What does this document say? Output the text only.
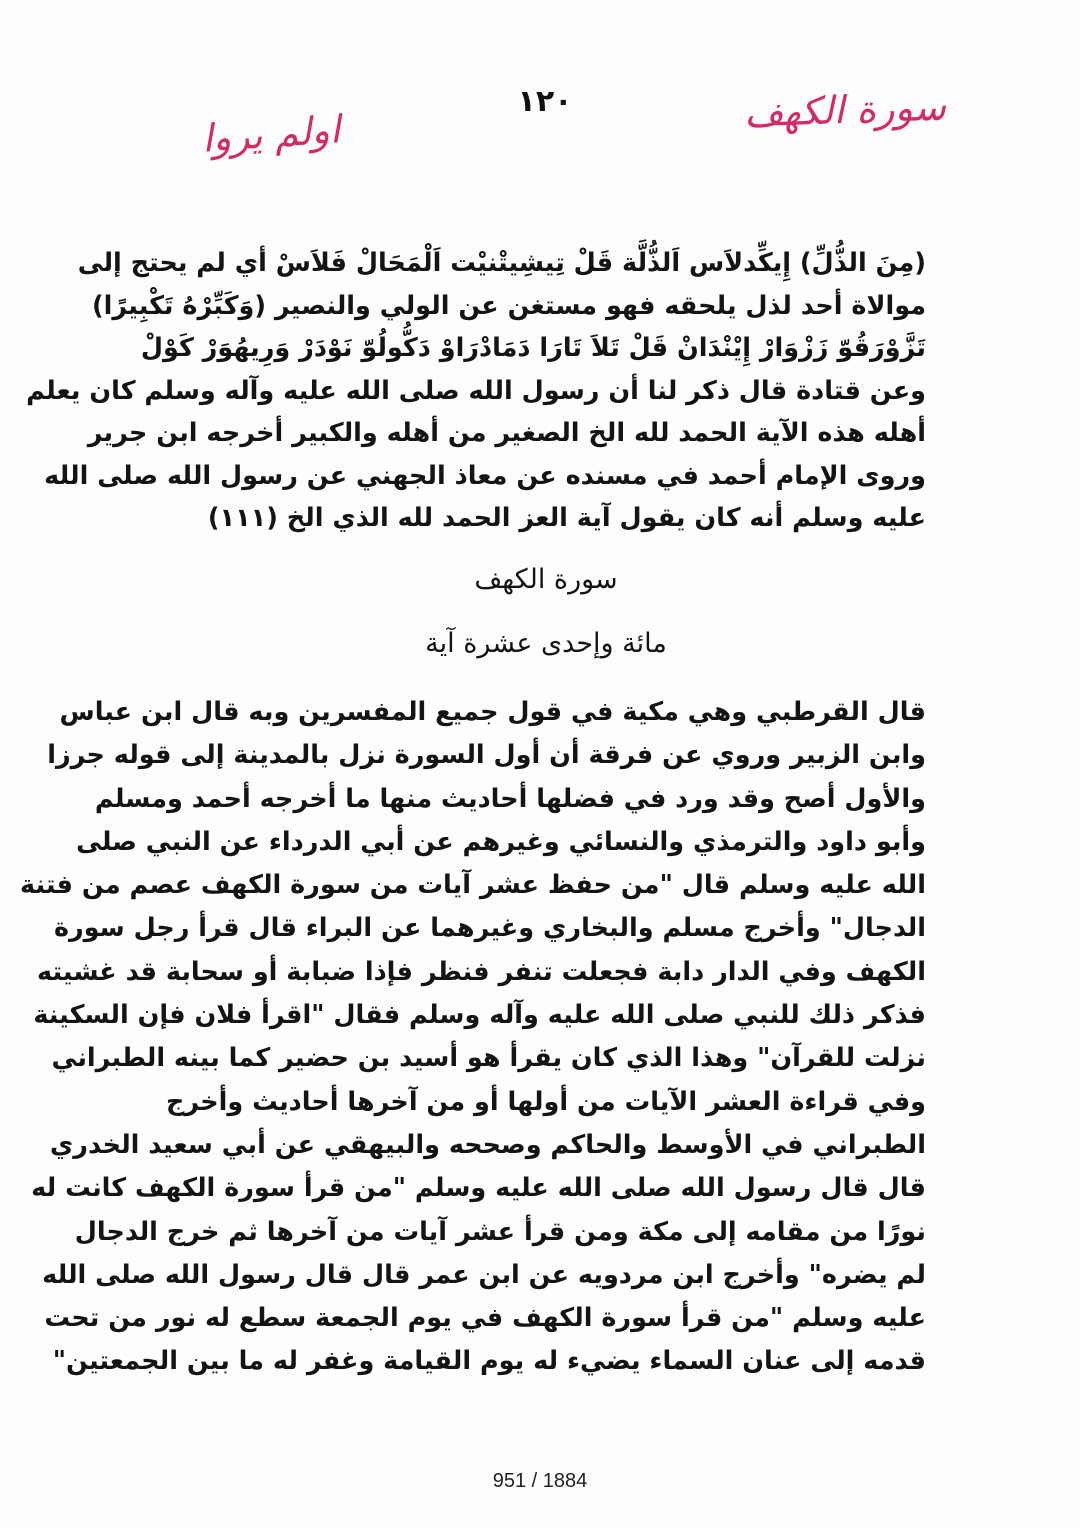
سورة الكهف
١٢٠
اولم يروا
(مِنَ الذُّلِّ) إِيكِّدلاَس اَلذُّلَّة قَلْ تِيشِيتْنيْت اَلْمَحَالْ فَلاَسْ أي لم يحتج إلى
موالاة أحد لذل يلحقه فهو مستغن عن الولي والنصير (وَكَبِّرْهُ تَكْبِيرًا)
تَزَّوْرَقُوّ زَزْوَارْ إِيْنْدَانْ قَلْ تَلاَ تَارَا دَمَادْرَاوْ دَكُّولُوّ نَوْدَرْ وَرِيهُوَرْ كَوْلْ
وعن قتادة قال ذكر لنا أن رسول الله صلى الله عليه وآله وسلم كان يعلم
أهله هذه الآية الحمد لله الخ الصغير من أهله والكبير أخرجه ابن جرير
وروى الإمام أحمد في مسنده عن معاذ الجهني عن رسول الله صلى الله
عليه وسلم أنه كان يقول آية العز الحمد لله الذي الخ (١١١)
سورة الكهف
مائة وإحدى عشرة آية
قال القرطبي وهي مكية في قول جميع المفسرين وبه قال ابن عباس
وابن الزبير وروي عن فرقة أن أول السورة نزل بالمدينة إلى قوله جرزا
والأول أصح وقد ورد في فضلها أحاديث منها ما أخرجه أحمد ومسلم
وأبو داود والترمذي والنسائي وغيرهم عن أبي الدرداء عن النبي صلى
الله عليه وسلم قال "من حفظ عشر آيات من سورة الكهف عصم من فتنة
الدجال" وأخرج مسلم والبخاري وغيرهما عن البراء قال قرأ رجل سورة
الكهف وفي الدار دابة فجعلت تنفر فنظر فإذا ضبابة أو سحابة قد غشيته
فذكر ذلك للنبي صلى الله عليه وآله وسلم فقال "اقرأ فلان فإن السكينة
نزلت للقرآن" وهذا الذي كان يقرأ هو أسيد بن حضير كما بينه الطبراني
وفي قراءة العشر الآيات من أولها أو من آخرها أحاديث وأخرج
الطبراني في الأوسط والحاكم وصححه والبيهقي عن أبي سعيد الخدري
قال قال رسول الله صلى الله عليه وسلم "من قرأ سورة الكهف كانت له
نورًا من مقامه إلى مكة ومن قرأ عشر آيات من آخرها ثم خرج الدجال
لم يضره" وأخرج ابن مردويه عن ابن عمر قال قال رسول الله صلى الله
عليه وسلم "من قرأ سورة الكهف في يوم الجمعة سطع له نور من تحت
قدمه إلى عنان السماء يضيء له يوم القيامة وغفر له ما بين الجمعتين"
951 / 1884
